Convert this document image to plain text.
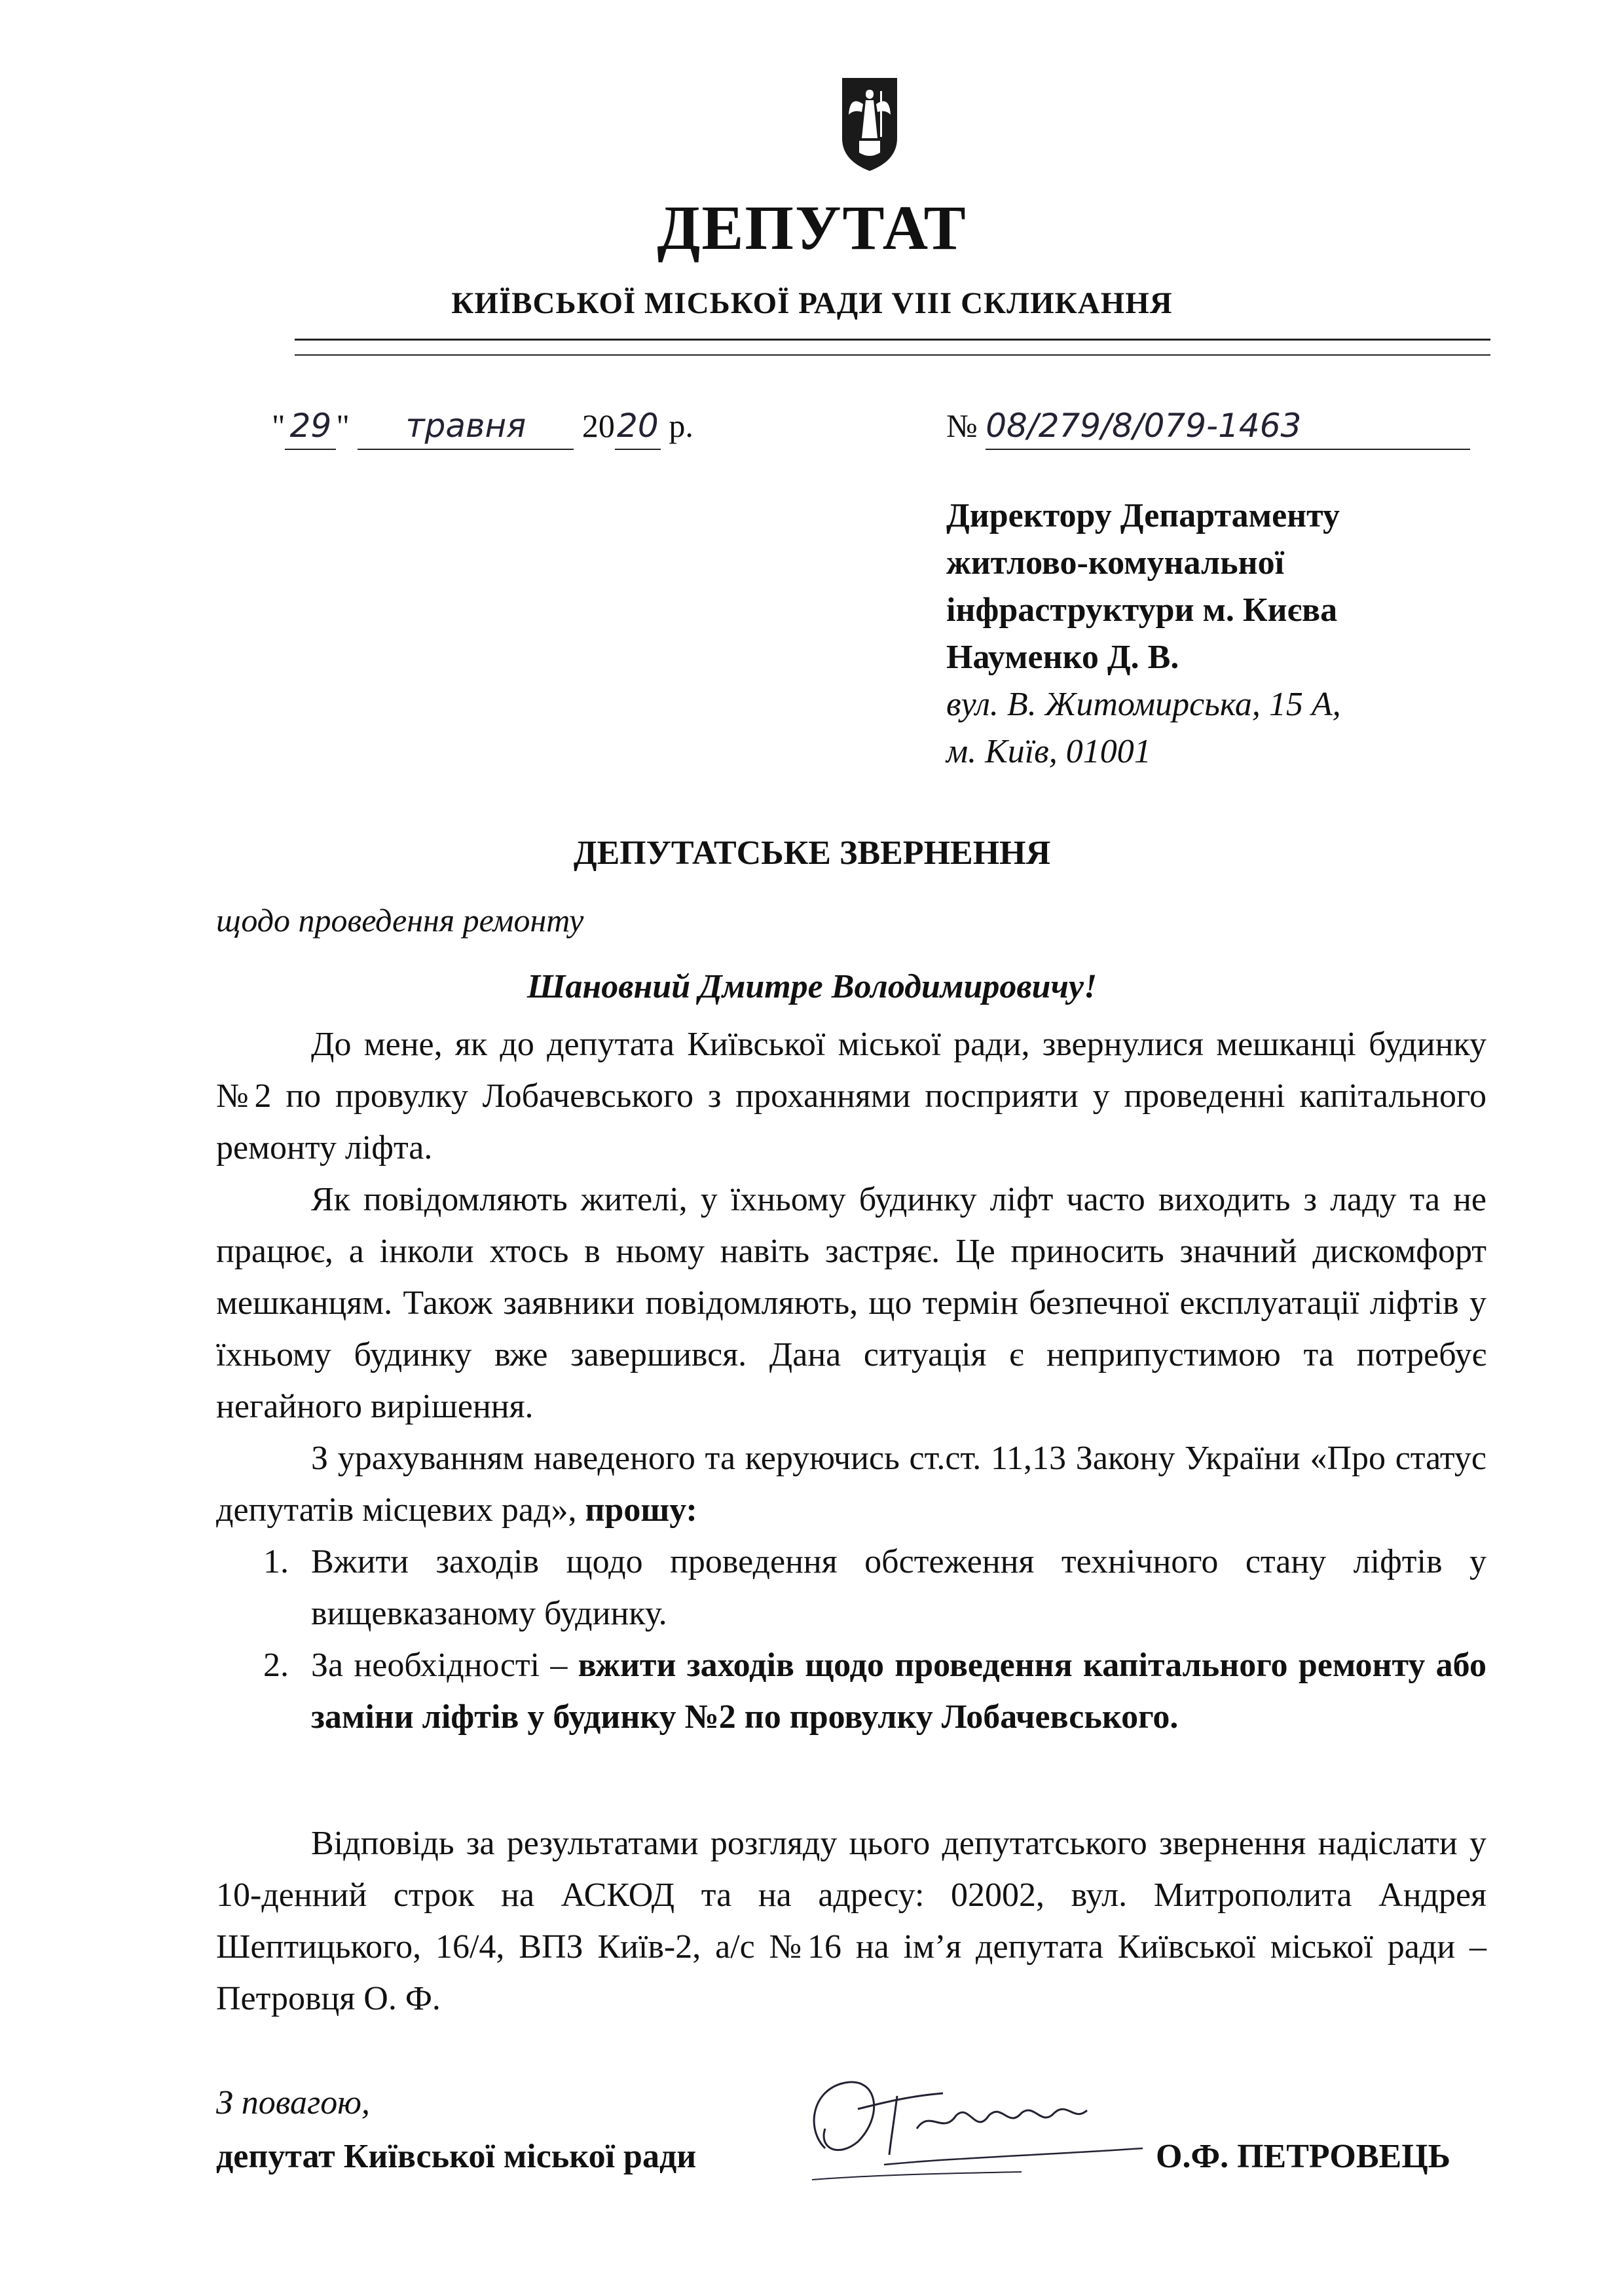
ДЕПУТАТ
КИЇВСЬКОЇ МІСЬКОЇ РАДИ VIII СКЛИКАННЯ
" 29 " травня 2020 р.	№ 08/279/8/079-1463
Директору Департаменту
житлово-комунальної
інфраструктури м. Києва
Науменко Д. В.
вул. В. Житомирська, 15 А,
м. Київ, 01001
ДЕПУТАТСЬКЕ ЗВЕРНЕННЯ
щодо проведення ремонту
Шановний Дмитре Володимировичу!

До мене, як до депутата Київської міської ради, звернулися мешканці будинку №2 по провулку Лобачевського з проханнями посприяти у проведенні капітального ремонту ліфта.

Як повідомляють жителі, у їхньому будинку ліфт часто виходить з ладу та не працює, а інколи хтось в ньому навіть застряє. Це приносить значний дискомфорт мешканцям. Також заявники повідомляють, що термін безпечної експлуатації ліфтів у їхньому будинку вже завершився. Дана ситуація є неприпустимою та потребує негайного вирішення.

З урахуванням наведеного та керуючись ст.ст. 11,13 Закону України «Про статус депутатів місцевих рад», прошу:

1. Вжити заходів щодо проведення обстеження технічного стану ліфтів у вищевказаному будинку.
2. За необхідності – вжити заходів щодо проведення капітального ремонту або заміни ліфтів у будинку №2 по провулку Лобачевського.

Відповідь за результатами розгляду цього депутатського звернення надіслати у 10-денний строк на АСКОД та на адресу: 02002, вул. Митрополита Андрея Шептицького, 16/4, ВПЗ Київ-2, а/с №16 на ім’я депутата Київської міської ради – Петровця О. Ф.

З повагою,
депутат Київської міської ради	О.Ф. ПЕТРОВЕЦЬ
